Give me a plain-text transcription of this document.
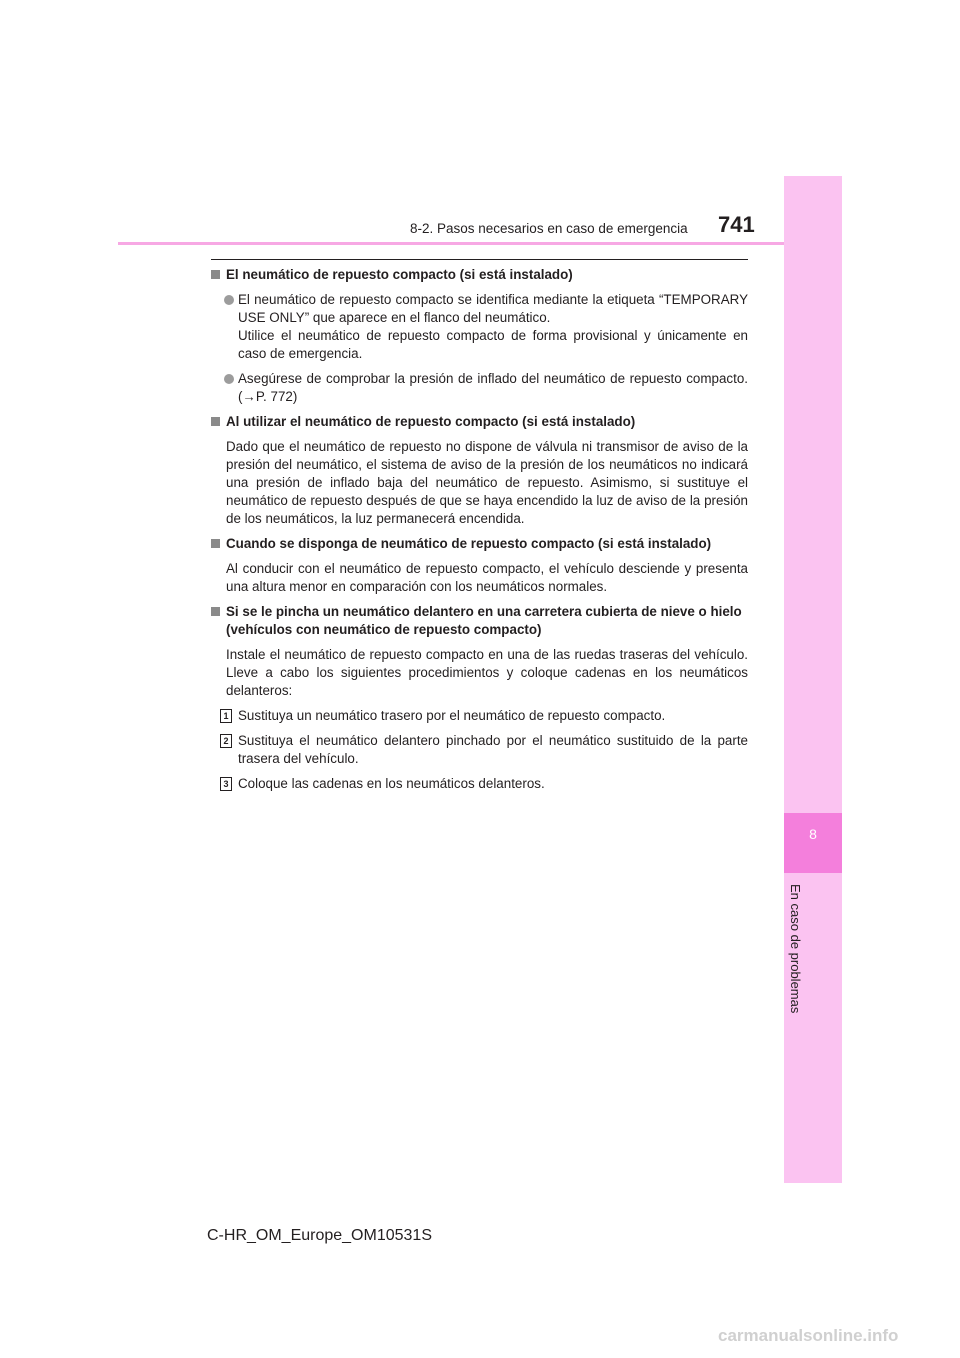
8-2. Pasos necesarios en caso de emergencia 741
8
En caso de problemas
El neumático de repuesto compacto (si está instalado)

El neumático de repuesto compacto se identifica mediante la etiqueta “TEMPORARY USE ONLY” que aparece en el flanco del neumático.

Utilice el neumático de repuesto compacto de forma provisional y únicamente en caso de emergencia.

Asegúrese de comprobar la presión de inflado del neumático de repuesto compacto. (→P. 772)

Al utilizar el neumático de repuesto compacto (si está instalado)

Dado que el neumático de repuesto no dispone de válvula ni transmisor de aviso de la presión del neumático, el sistema de aviso de la presión de los neumáticos no indicará una presión de inflado baja del neumático de repuesto. Asimismo, si sustituye el neumático de repuesto después de que se haya encendido la luz de aviso de la presión de los neumáticos, la luz permanecerá encendida.

Cuando se disponga de neumático de repuesto compacto (si está instalado)

Al conducir con el neumático de repuesto compacto, el vehículo desciende y presenta una altura menor en comparación con los neumáticos normales.

Si se le pincha un neumático delantero en una carretera cubierta de nieve o hielo (vehículos con neumático de repuesto compacto)

Instale el neumático de repuesto compacto en una de las ruedas traseras del vehículo. Lleve a cabo los siguientes procedimientos y coloque cadenas en los neumáticos delanteros:

1 Sustituya un neumático trasero por el neumático de repuesto compacto.
2 Sustituya el neumático delantero pinchado por el neumático sustituido de la parte trasera del vehículo.
3 Coloque las cadenas en los neumáticos delanteros.
C-HR_OM_Europe_OM10531S
carmanualsonline.info
